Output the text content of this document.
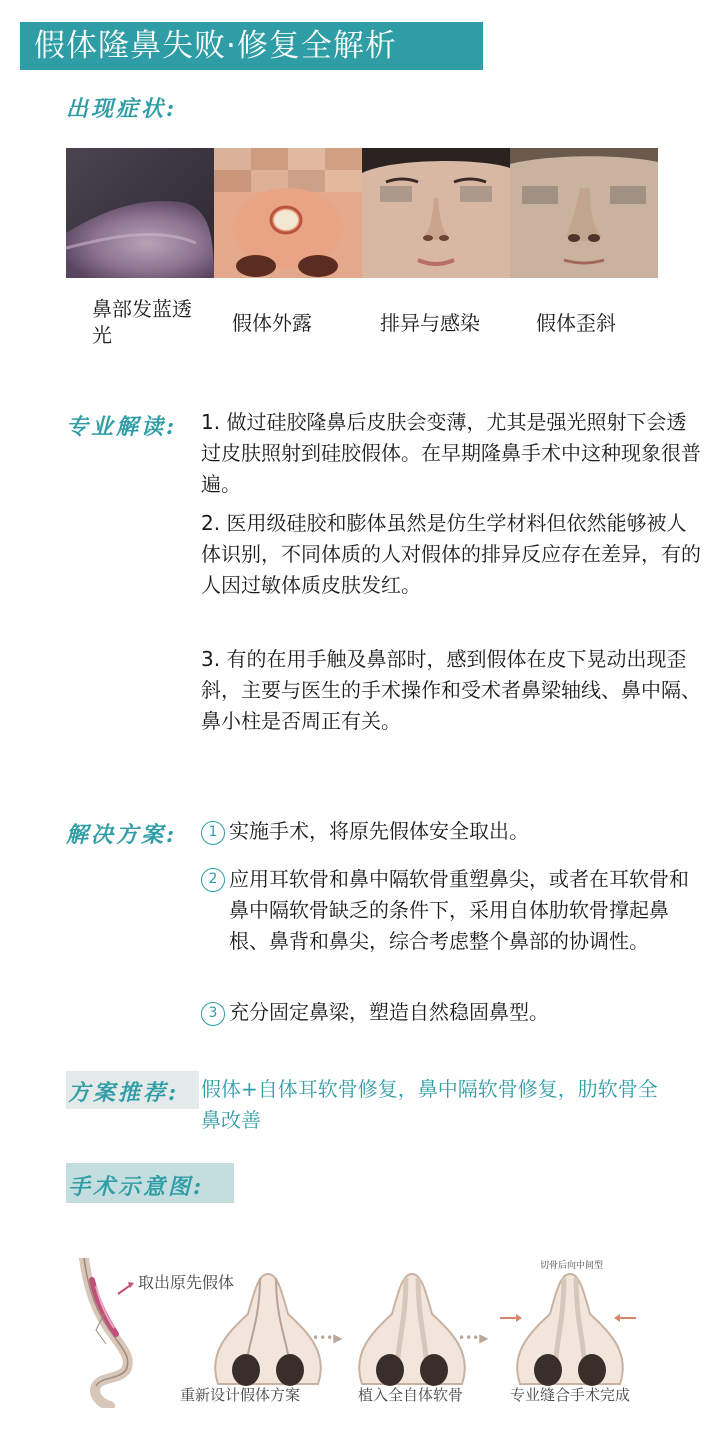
假体隆鼻失败·修复全解析
出现症状:
鼻部发蓝透光	假体外露	排异与感染	假体歪斜
专业解读: 1. 做过硅胶隆鼻后皮肤会变薄，尤其是强光照射下会透过皮肤照射到硅胶假体。在早期隆鼻手术中这种现象很普遍。
2. 医用级硅胶和膨体虽然是仿生学材料但依然能够被人体识别，不同体质的人对假体的排异反应存在差异，有的人因过敏体质皮肤发红。
3. 有的在用手触及鼻部时，感到假体在皮下晃动出现歪斜，主要与医生的手术操作和受术者鼻梁轴线、鼻中隔、鼻小柱是否周正有关。
解决方案:	1 实施手术，将原先假体安全取出。
2 应用耳软骨和鼻中隔软骨重塑鼻尖，或者在耳软骨和鼻中隔软骨缺乏的条件下，采用自体肋软骨撑起鼻根、鼻背和鼻尖，综合考虑整个鼻部的协调性。
3 充分固定鼻梁，塑造自然稳固鼻型。
方案推荐: 假体+自体耳软骨修复，鼻中隔软骨修复，肋软骨全鼻改善
手术示意图:
•••▶	•••▶
取出原先假体
切骨后向中间型
重新设计假体方案	植入全自体软骨	专业缝合手术完成
